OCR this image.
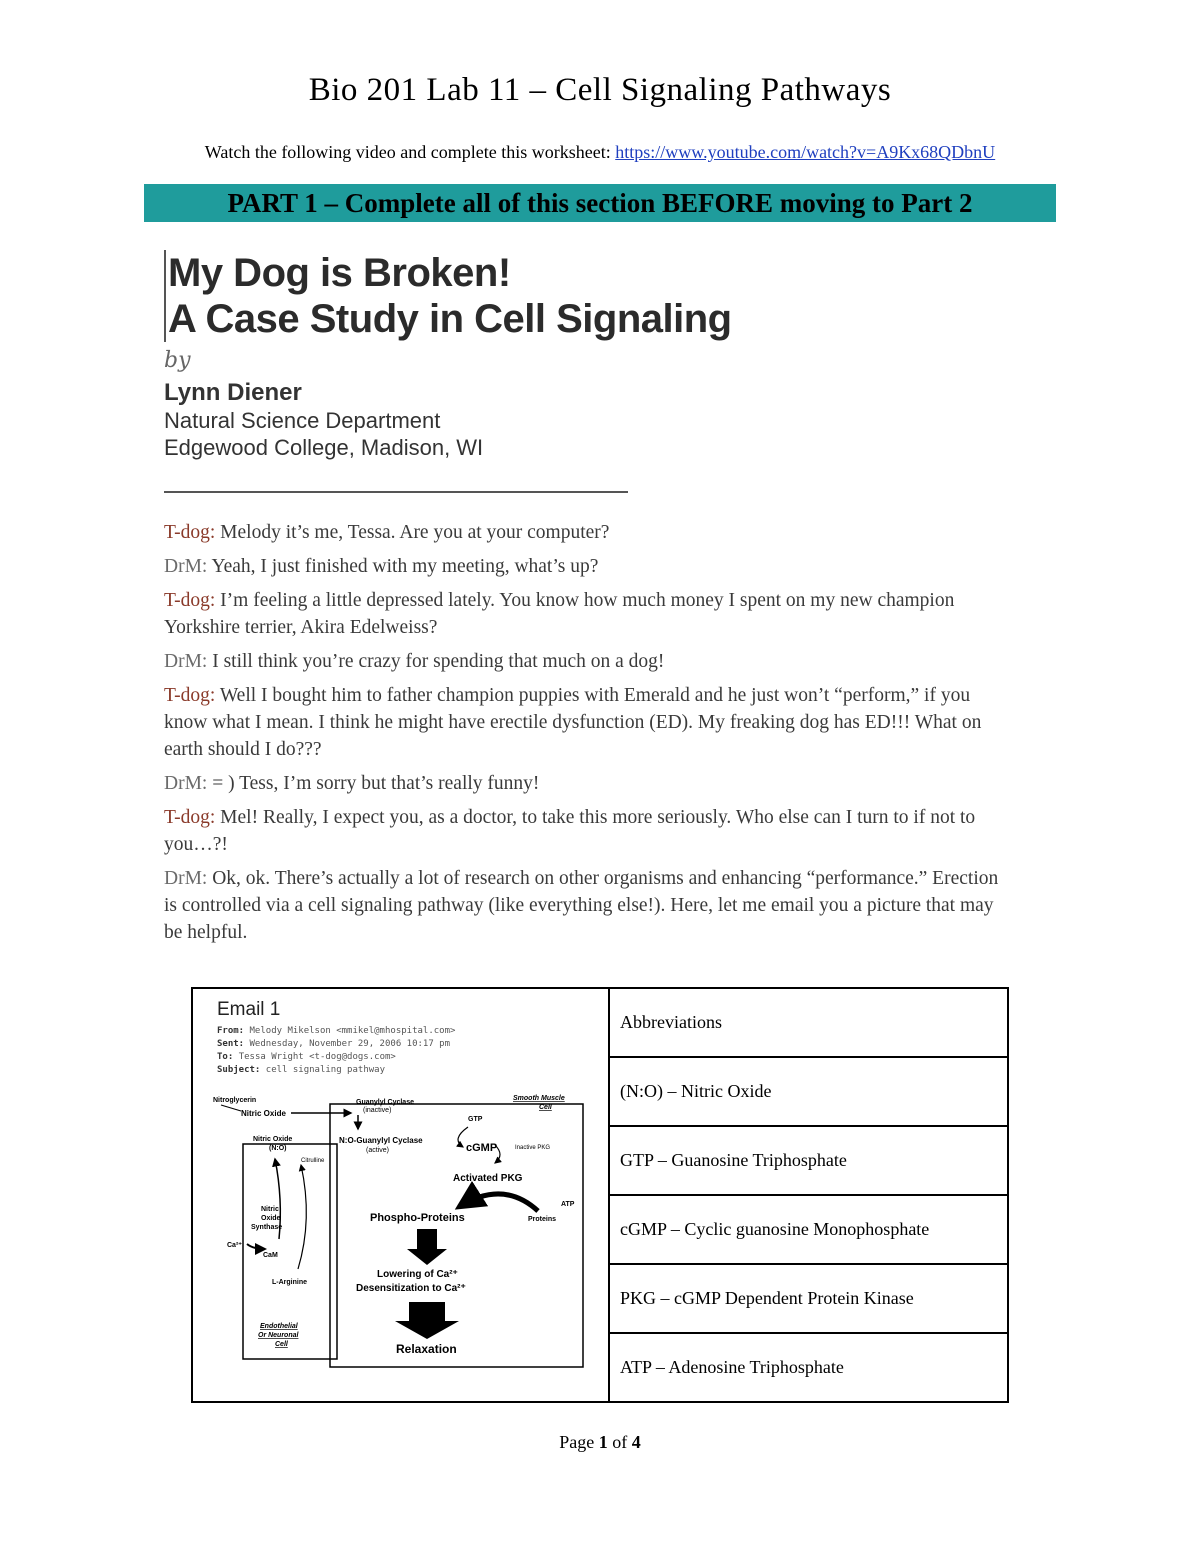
Bio 201 Lab 11 – Cell Signaling Pathways
Watch the following video and complete this worksheet: https://www.youtube.com/watch?v=A9Kx68QDbnU
PART 1 – Complete all of this section BEFORE moving to Part 2
My Dog is Broken!
A Case Study in Cell Signaling
by
Lynn Diener
Natural Science Department
Edgewood College, Madison, WI

T-dog: Melody it’s me, Tessa. Are you at your computer?

DrM: Yeah, I just finished with my meeting, what’s up?

T-dog: I’m feeling a little depressed lately. You know how much money I spent on my new champion Yorkshire terrier, Akira Edelweiss?

DrM: I still think you’re crazy for spending that much on a dog!

T-dog: Well I bought him to father champion puppies with Emerald and he just won’t “perform,” if you know what I mean. I think he might have erectile dysfunction (ED). My freaking dog has ED!!! What on earth should I do???

DrM: = ) Tess, I’m sorry but that’s really funny!

T-dog: Mel! Really, I expect you, as a doctor, to take this more seriously. Who else can I turn to if not to you…?!

DrM: Ok, ok. There’s actually a lot of research on other organisms and enhancing “performance.” Erection is controlled via a cell signaling pathway (like everything else!). Here, let me email you a picture that may be helpful.

Email 1
From: Melody Mikelson <mmikel@mhospital.com>
Sent: Wednesday, November 29, 2006 10:17 pm
To: Tessa Wright <t-dog@dogs.com>
Subject: cell signaling pathway
Nitroglycerin
Nitric Oxide
Guanylyl Cyclase
(inactive)
Smooth Muscle
Cell
GTP
Nitric Oxide
(N:O)
Citrulline
N:O-Guanylyl Cyclase
(active)	cGMP	Inactive PKG
Activated PKG
ATP
Proteins
Nitric
Oxide
Synthase
Phospho-Proteins
Ca²⁺
CaM
Lowering of Ca²⁺
Desensitization to Ca²⁺
L-Arginine
Relaxation
Endothelial
Or Neuronal
Cell
	Abbreviations
(N:O) – Nitric Oxide
GTP – Guanosine Triphosphate
cGMP – Cyclic guanosine Monophosphate
PKG – cGMP Dependent Protein Kinase
ATP – Adenosine Triphosphate
Page 1 of 4
